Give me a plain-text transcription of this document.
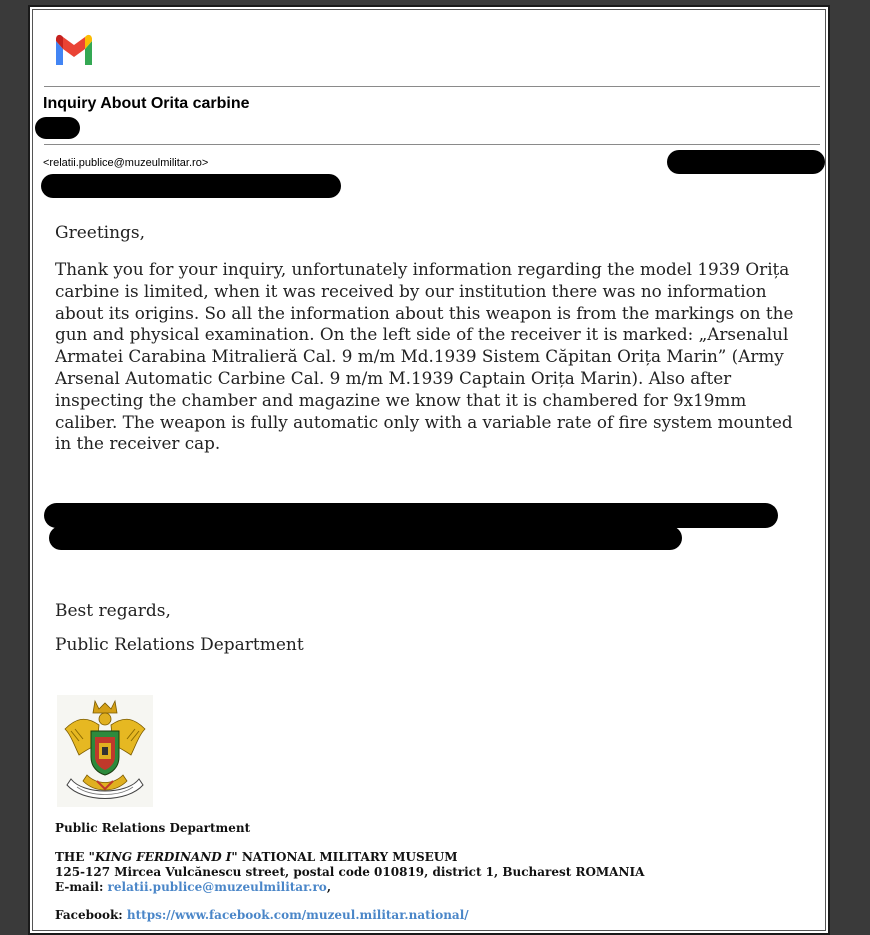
Inquiry About Orita carbine
<relatii.publice@muzeulmilitar.ro>
Greetings,
Thank you for your inquiry, unfortunately information regarding the model 1939 Orița carbine is limited, when it was received by our institution there was no information about its origins. So all the information about this weapon is from the markings on the gun and physical examination. On the left side of the receiver it is marked: „Arsenalul Armatei Carabina Mitralieră Cal. 9 m/m Md.1939 Sistem Căpitan Orița Marin” (Army Arsenal Automatic Carbine Cal. 9 m/m M.1939 Captain Orița Marin). Also after inspecting the chamber and magazine we know that it is chambered for 9x19mm caliber. The weapon is fully automatic only with a variable rate of fire system mounted in the receiver cap.
Best regards,
Public Relations Department
Public Relations Department
THE "KING FERDINAND I" NATIONAL MILITARY MUSEUM
125-127 Mircea Vulcănescu street, postal code 010819, district 1, Bucharest ROMANIA
E-mail: relatii.publice@muzeulmilitar.ro,
Facebook: https://www.facebook.com/muzeul.militar.national/
